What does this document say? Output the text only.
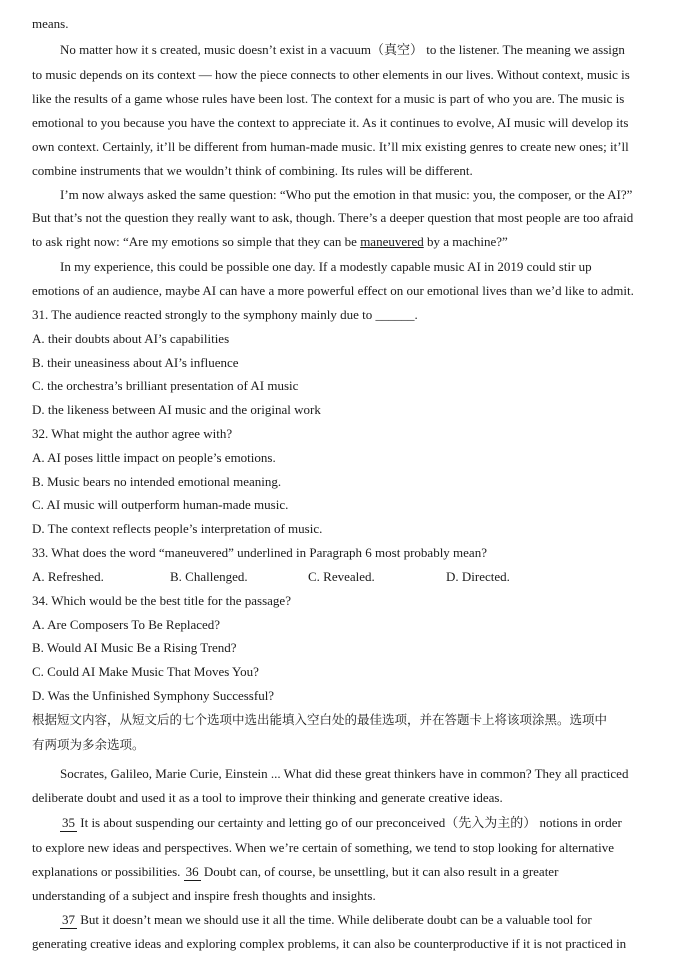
means.
No matter how it s created, music doesn’t exist in a vacuum（真空） to the listener. The meaning we assign
to music depends on its context — how the piece connects to other elements in our lives. Without context, music is
like the results of a game whose rules have been lost. The context for a music is part of who you are. The music is
emotional to you because you have the context to appreciate it. As it continues to evolve, AI music will develop its
own context. Certainly, it’ll be different from human-made music. It’ll mix existing genres to create new ones; it’ll
combine instruments that we wouldn’t think of combining. Its rules will be different.
I’m now always asked the same question: “Who put the emotion in that music: you, the composer, or the AI?”
But that’s not the question they really want to ask, though. There’s a deeper question that most people are too afraid
to ask right now: “Are my emotions so simple that they can be maneuvered by a machine?”
In my experience, this could be possible one day. If a modestly capable music AI in 2019 could stir up
emotions of an audience, maybe AI can have a more powerful effect on our emotional lives than we’d like to admit.
31. The audience reacted strongly to the symphony mainly due to ______.
A. their doubts about AI’s capabilities
B. their uneasiness about AI’s influence
C. the orchestra’s brilliant presentation of AI music
D. the likeness between AI music and the original work
32. What might the author agree with?
A. AI poses little impact on people’s emotions.
B. Music bears no intended emotional meaning.
C. AI music will outperform human-made music.
D. The context reflects people’s interpretation of music.
33. What does the word “maneuvered” underlined in Paragraph 6 most probably mean?
A. Refreshed.	B. Challenged.	C. Revealed.	D. Directed.
34. Which would be the best title for the passage?
A. Are Composers To Be Replaced?
B. Would AI Music Be a Rising Trend?
C. Could AI Make Music That Moves You?
D. Was the Unfinished Symphony Successful?
根据短文内容，从短文后的七个选项中选出能填入空白处的最佳选项，并在答题卡上将该项涂黑。选项中
有两项为多余选项。
Socrates, Galileo, Marie Curie, Einstein ... What did these great thinkers have in common? They all practiced
deliberate doubt and used it as a tool to improve their thinking and generate creative ideas.
35 It is about suspending our certainty and letting go of our preconceived（先入为主的） notions in order
to explore new ideas and perspectives. When we’re certain of something, we tend to stop looking for alternative
explanations or possibilities. 36 Doubt can, of course, be unsettling, but it can also result in a greater
understanding of a subject and inspire fresh thoughts and insights.
37 But it doesn’t mean we should use it all the time. While deliberate doubt can be a valuable tool for
generating creative ideas and exploring complex problems, it can also be counterproductive if it is not practiced in
